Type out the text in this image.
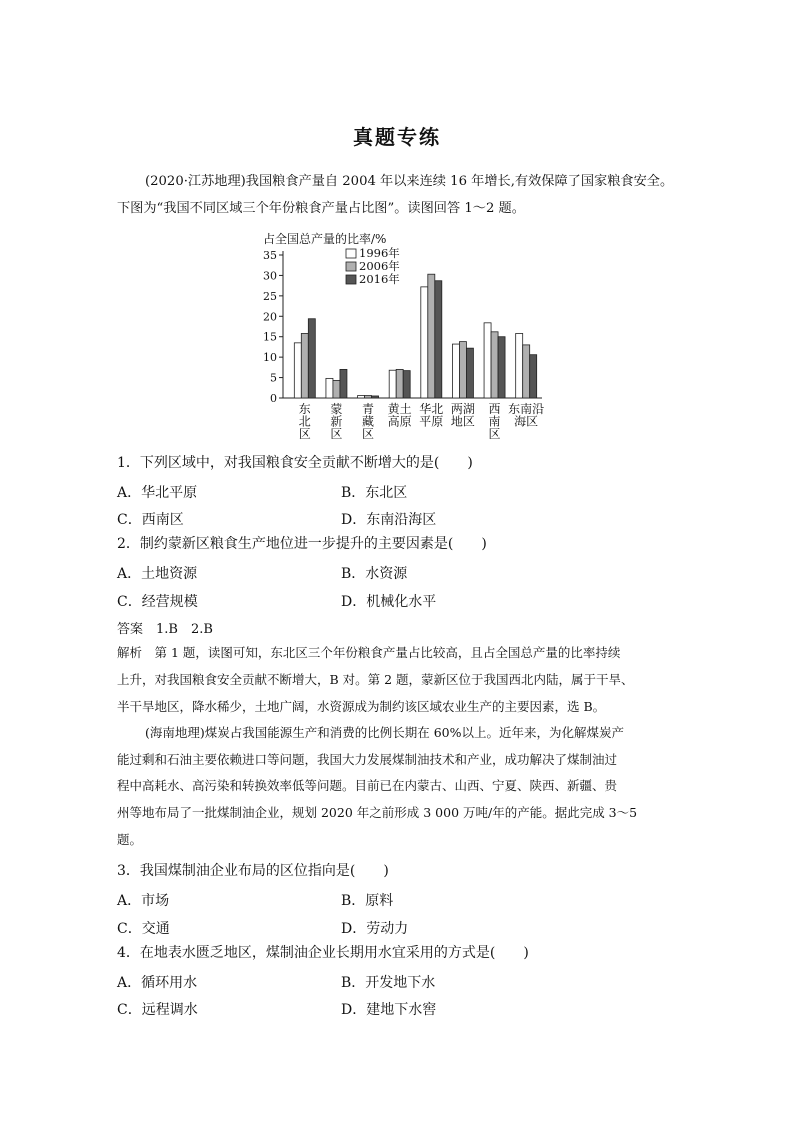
真题专练
(2020·江苏地理)我国粮食产量自 2004 年以来连续 16 年增长,有效保障了国家粮食安全。
下图为“我国不同区域三个年份粮食产量占比图”。读图回答 1～2 题。
占全国总产量的比率/%
0
5
10
15
20
25
30
35
东
北
区
蒙
新
区
青
藏
区
黄土
高原
华北
平原
两湖
地区
西
南
区
东南沿
海区
1996年
2006年
2016年
1．下列区域中，对我国粮食安全贡献不断增大的是(　　)
A．华北平原	B．东北区
C．西南区	D．东南沿海区
2．制约蒙新区粮食生产地位进一步提升的主要因素是(　　)
A．土地资源	B．水资源
C．经营规模	D．机械化水平
答案　1.B　2.B
解析　第 1 题，读图可知，东北区三个年份粮食产量占比较高，且占全国总产量的比率持续
上升，对我国粮食安全贡献不断增大，B 对。第 2 题，蒙新区位于我国西北内陆，属于干旱、
半干旱地区，降水稀少，土地广阔，水资源成为制约该区域农业生产的主要因素，选 B。
(海南地理)煤炭占我国能源生产和消费的比例长期在 60%以上。近年来，为化解煤炭产
能过剩和石油主要依赖进口等问题，我国大力发展煤制油技术和产业，成功解决了煤制油过
程中高耗水、高污染和转换效率低等问题。目前已在内蒙古、山西、宁夏、陕西、新疆、贵
州等地布局了一批煤制油企业，规划 2020 年之前形成 3 000 万吨/年的产能。据此完成 3～5
题。
3．我国煤制油企业布局的区位指向是(　　)
A．市场	B．原料
C．交通	D．劳动力
4．在地表水匮乏地区，煤制油企业长期用水宜采用的方式是(　　)
A．循环用水	B．开发地下水
C．远程调水	D．建地下水窖
